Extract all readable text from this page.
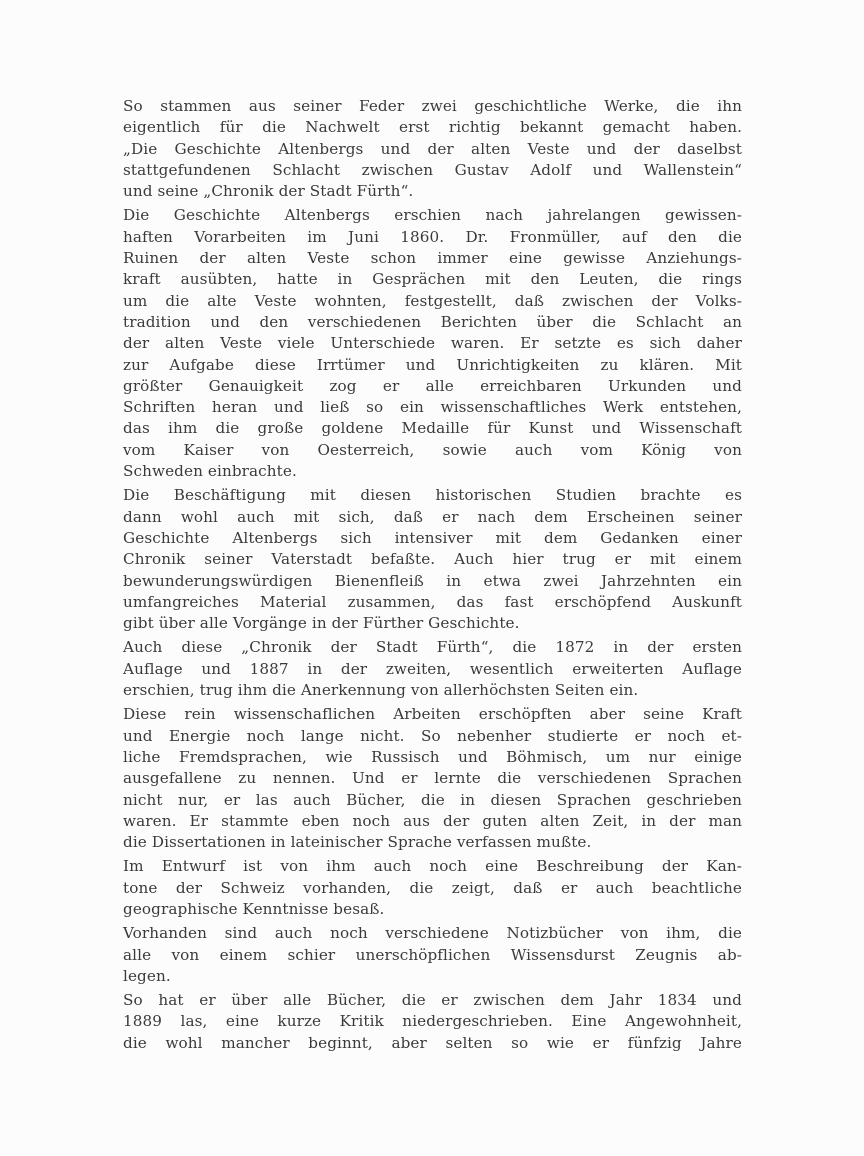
So stammen aus seiner Feder zwei geschichtliche Werke, die ihn
eigentlich für die Nachwelt erst richtig bekannt gemacht haben.
„Die Geschichte Altenbergs und der alten Veste und der daselbst
stattgefundenen Schlacht zwischen Gustav Adolf und Wallenstein“
und seine „Chronik der Stadt Fürth“.
Die Geschichte Altenbergs erschien nach jahrelangen gewissen-
haften Vorarbeiten im Juni 1860. Dr. Fronmüller, auf den die
Ruinen der alten Veste schon immer eine gewisse Anziehungs-
kraft ausübten, hatte in Gesprächen mit den Leuten, die rings
um die alte Veste wohnten, festgestellt, daß zwischen der Volks-
tradition und den verschiedenen Berichten über die Schlacht an
der alten Veste viele Unterschiede waren. Er setzte es sich daher
zur Aufgabe diese Irrtümer und Unrichtigkeiten zu klären. Mit
größter Genauigkeit zog er alle erreichbaren Urkunden und
Schriften heran und ließ so ein wissenschaftliches Werk entstehen,
das ihm die große goldene Medaille für Kunst und Wissenschaft
vom Kaiser von Oesterreich, sowie auch vom König von
Schweden einbrachte.
Die Beschäftigung mit diesen historischen Studien brachte es
dann wohl auch mit sich, daß er nach dem Erscheinen seiner
Geschichte Altenbergs sich intensiver mit dem Gedanken einer
Chronik seiner Vaterstadt befaßte. Auch hier trug er mit einem
bewunderungswürdigen Bienenfleiß in etwa zwei Jahrzehnten ein
umfangreiches Material zusammen, das fast erschöpfend Auskunft
gibt über alle Vorgänge in der Fürther Geschichte.
Auch diese „Chronik der Stadt Fürth“, die 1872 in der ersten
Auflage und 1887 in der zweiten, wesentlich erweiterten Auflage
erschien, trug ihm die Anerkennung von allerhöchsten Seiten ein.
Diese rein wissenschaflichen Arbeiten erschöpften aber seine Kraft
und Energie noch lange nicht. So nebenher studierte er noch et-
liche Fremdsprachen, wie Russisch und Böhmisch, um nur einige
ausgefallene zu nennen. Und er lernte die verschiedenen Sprachen
nicht nur, er las auch Bücher, die in diesen Sprachen geschrieben
waren. Er stammte eben noch aus der guten alten Zeit, in der man
die Dissertationen in lateinischer Sprache verfassen mußte.
Im Entwurf ist von ihm auch noch eine Beschreibung der Kan-
tone der Schweiz vorhanden, die zeigt, daß er auch beachtliche
geographische Kenntnisse besaß.
Vorhanden sind auch noch verschiedene Notizbücher von ihm, die
alle von einem schier unerschöpflichen Wissensdurst Zeugnis ab-
legen.
So hat er über alle Bücher, die er zwischen dem Jahr 1834 und
1889 las, eine kurze Kritik niedergeschrieben. Eine Angewohnheit,
die wohl mancher beginnt, aber selten so wie er fünfzig Jahre
